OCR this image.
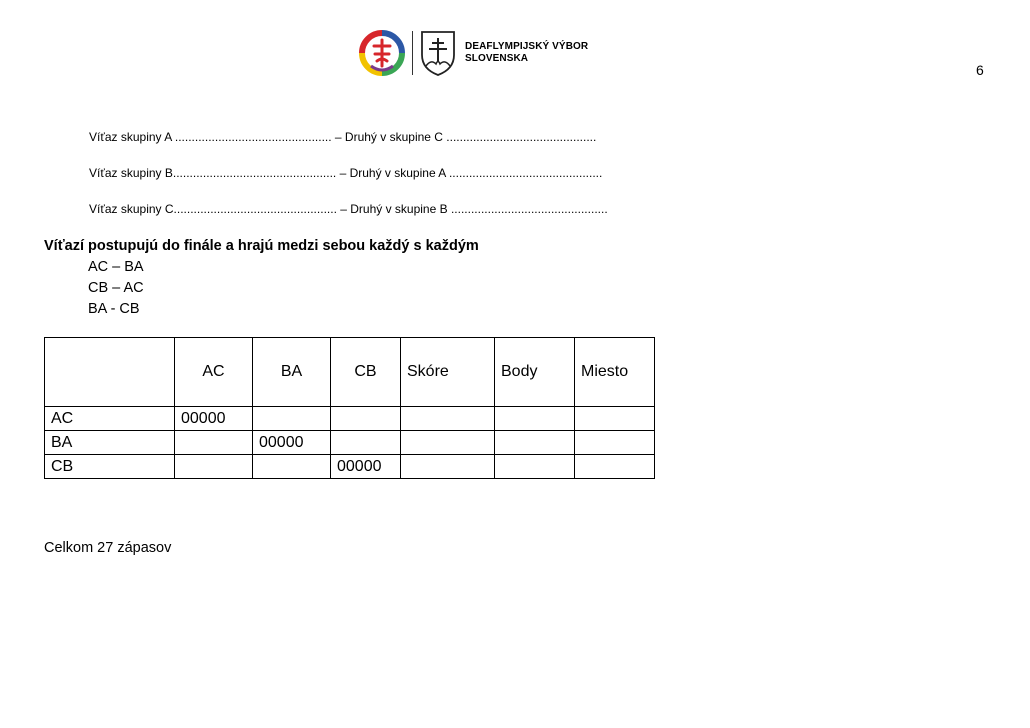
DEAFLYMPIJSKÝ VÝBOR
SLOVENSKA
6
Víťaz skupiny A ............................................... – Druhý v skupine C .............................................
Víťaz skupiny B................................................. – Druhý v skupine A ..............................................
Víťaz skupiny C................................................. – Druhý v skupine B ...............................................
Víťazí postupujú do finále a hrajú medzi sebou každý s každým
AC – BA
CB – AC
BA - CB
	AC	BA	CB	Skóre	Body	Miesto
AC	00000					
BA		00000				
CB			00000			
Celkom 27 zápasov
